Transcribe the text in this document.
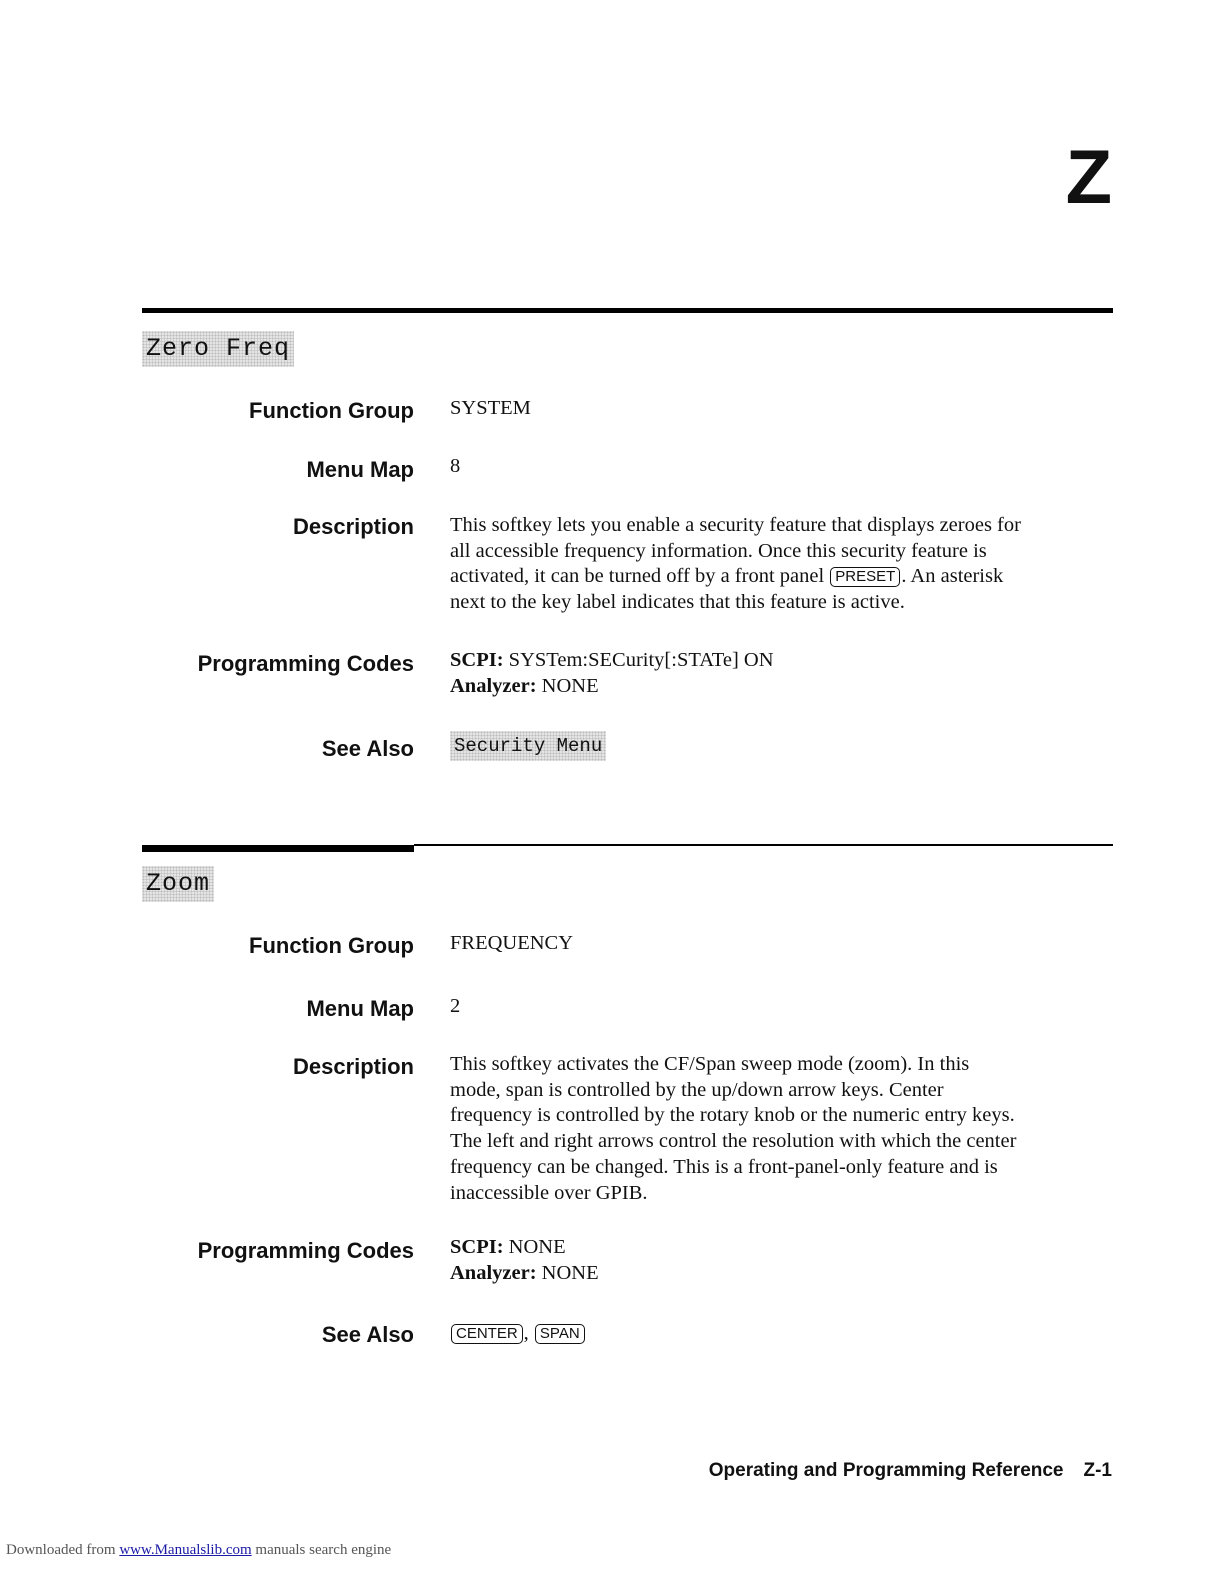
Z
Zero Freq
Function Group SYSTEM
Menu Map 8
Description This softkey lets you enable a security feature that displays zeroes for
all accessible frequency information. Once this security feature is
activated, it can be turned off by a front panel PRESET . An asterisk
next to the key label indicates that this feature is active.
Programming Codes SCPI: SYSTem:SECurity[:STATe] ON
Analyzer: NONE
See Also Security Menu
Zoom
Function Group FREQUENCY
Menu Map 2
Description This softkey activates the CF/Span sweep mode (zoom). In this
mode, span is controlled by the up/down arrow keys. Center
frequency is controlled by the rotary knob or the numeric entry keys.
The left and right arrows control the resolution with which the center
frequency can be changed. This is a front-panel-only feature and is
inaccessible over GPIB.
Programming Codes SCPI: NONE
Analyzer: NONE
See Also	CENTER , SPAN
Operating and Programming Reference Z-1
Downloaded from www.Manualslib.com manuals search engine
